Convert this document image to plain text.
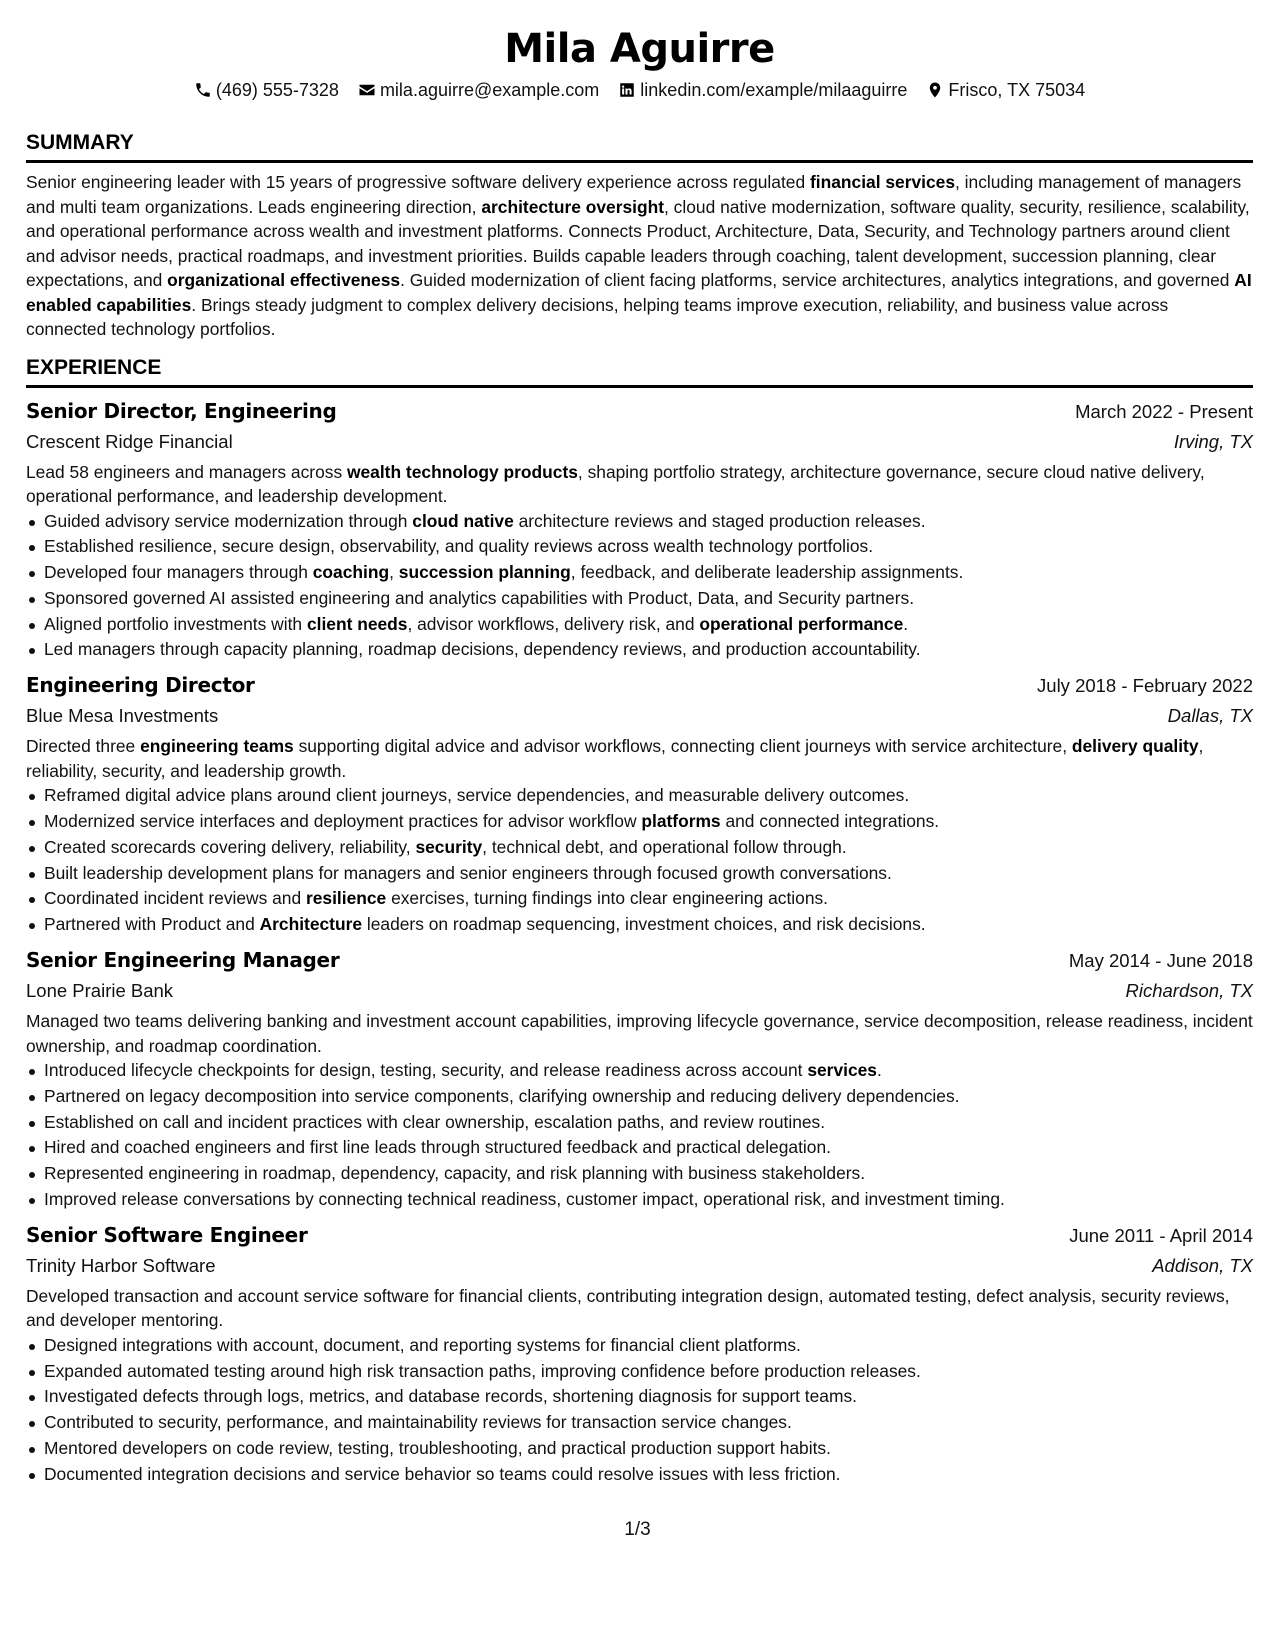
Mila Aguirre
(469) 555-7328 mila.aguirre@example.com linkedin.com/example/milaaguirre Frisco, TX 75034
SUMMARY
Senior engineering leader with 15 years of progressive software delivery experience across regulated financial services, including management of managers and multi team organizations. Leads engineering direction, architecture oversight, cloud native modernization, software quality, security, resilience, scalability, and operational performance across wealth and investment platforms. Connects Product, Architecture, Data, Security, and Technology partners around client and advisor needs, practical roadmaps, and investment priorities. Builds capable leaders through coaching, talent development, succession planning, clear expectations, and organizational effectiveness. Guided modernization of client facing platforms, service architectures, analytics integrations, and governed AI enabled capabilities. Brings steady judgment to complex delivery decisions, helping teams improve execution, reliability, and business value across connected technology portfolios.
EXPERIENCE
Senior Director, Engineering	March 2022 - Present
Crescent Ridge Financial	Irving, TX
Lead 58 engineers and managers across wealth technology products, shaping portfolio strategy, architecture governance, secure cloud native delivery, operational performance, and leadership development.
Guided advisory service modernization through cloud native architecture reviews and staged production releases.
Established resilience, secure design, observability, and quality reviews across wealth technology portfolios.
Developed four managers through coaching, succession planning, feedback, and deliberate leadership assignments.
Sponsored governed AI assisted engineering and analytics capabilities with Product, Data, and Security partners.
Aligned portfolio investments with client needs, advisor workflows, delivery risk, and operational performance.
Led managers through capacity planning, roadmap decisions, dependency reviews, and production accountability.
Engineering Director	July 2018 - February 2022
Blue Mesa Investments	Dallas, TX
Directed three engineering teams supporting digital advice and advisor workflows, connecting client journeys with service architecture, delivery quality, reliability, security, and leadership growth.
Reframed digital advice plans around client journeys, service dependencies, and measurable delivery outcomes.
Modernized service interfaces and deployment practices for advisor workflow platforms and connected integrations.
Created scorecards covering delivery, reliability, security, technical debt, and operational follow through.
Built leadership development plans for managers and senior engineers through focused growth conversations.
Coordinated incident reviews and resilience exercises, turning findings into clear engineering actions.
Partnered with Product and Architecture leaders on roadmap sequencing, investment choices, and risk decisions.
Senior Engineering Manager	May 2014 - June 2018
Lone Prairie Bank	Richardson, TX
Managed two teams delivering banking and investment account capabilities, improving lifecycle governance, service decomposition, release readiness, incident ownership, and roadmap coordination.
Introduced lifecycle checkpoints for design, testing, security, and release readiness across account services.
Partnered on legacy decomposition into service components, clarifying ownership and reducing delivery dependencies.
Established on call and incident practices with clear ownership, escalation paths, and review routines.
Hired and coached engineers and first line leads through structured feedback and practical delegation.
Represented engineering in roadmap, dependency, capacity, and risk planning with business stakeholders.
Improved release conversations by connecting technical readiness, customer impact, operational risk, and investment timing.
Senior Software Engineer	June 2011 - April 2014
Trinity Harbor Software	Addison, TX
Developed transaction and account service software for financial clients, contributing integration design, automated testing, defect analysis, security reviews, and developer mentoring.
Designed integrations with account, document, and reporting systems for financial client platforms.
Expanded automated testing around high risk transaction paths, improving confidence before production releases.
Investigated defects through logs, metrics, and database records, shortening diagnosis for support teams.
Contributed to security, performance, and maintainability reviews for transaction service changes.
Mentored developers on code review, testing, troubleshooting, and practical production support habits.
Documented integration decisions and service behavior so teams could resolve issues with less friction.
1/3
